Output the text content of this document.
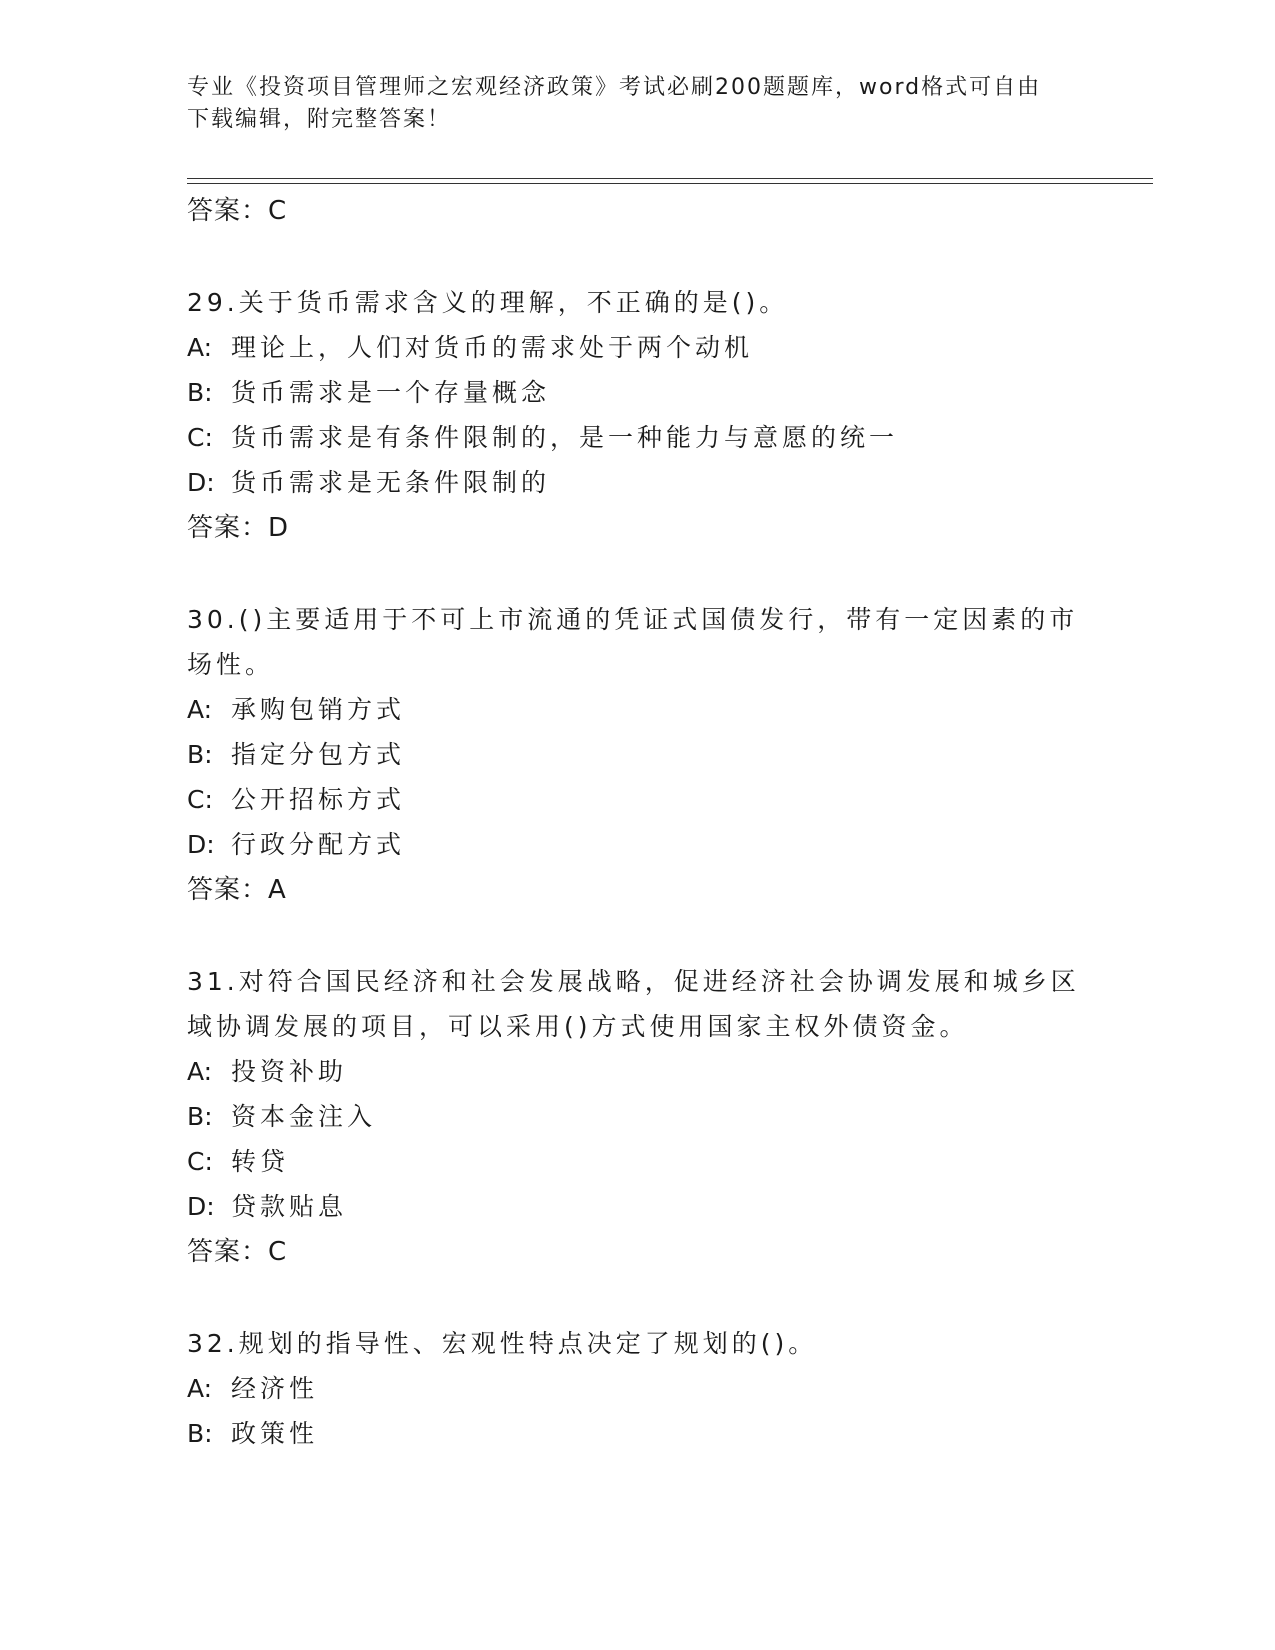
专业《投资项目管理师之宏观经济政策》考试必刷200题题库，word格式可自由
下载编辑，附完整答案！

答案：C

29.关于货币需求含义的理解，不正确的是()。

A: 理论上，人们对货币的需求处于两个动机

B: 货币需求是一个存量概念

C: 货币需求是有条件限制的，是一种能力与意愿的统一

D: 货币需求是无条件限制的

答案：D

30.()主要适用于不可上市流通的凭证式国债发行，带有一定因素的市

场性。

A: 承购包销方式

B: 指定分包方式

C: 公开招标方式

D: 行政分配方式

答案：A

31.对符合国民经济和社会发展战略，促进经济社会协调发展和城乡区

域协调发展的项目，可以采用()方式使用国家主权外债资金。

A: 投资补助

B: 资本金注入

C: 转贷

D: 贷款贴息

答案：C

32.规划的指导性、宏观性特点决定了规划的()。

A: 经济性

B: 政策性
